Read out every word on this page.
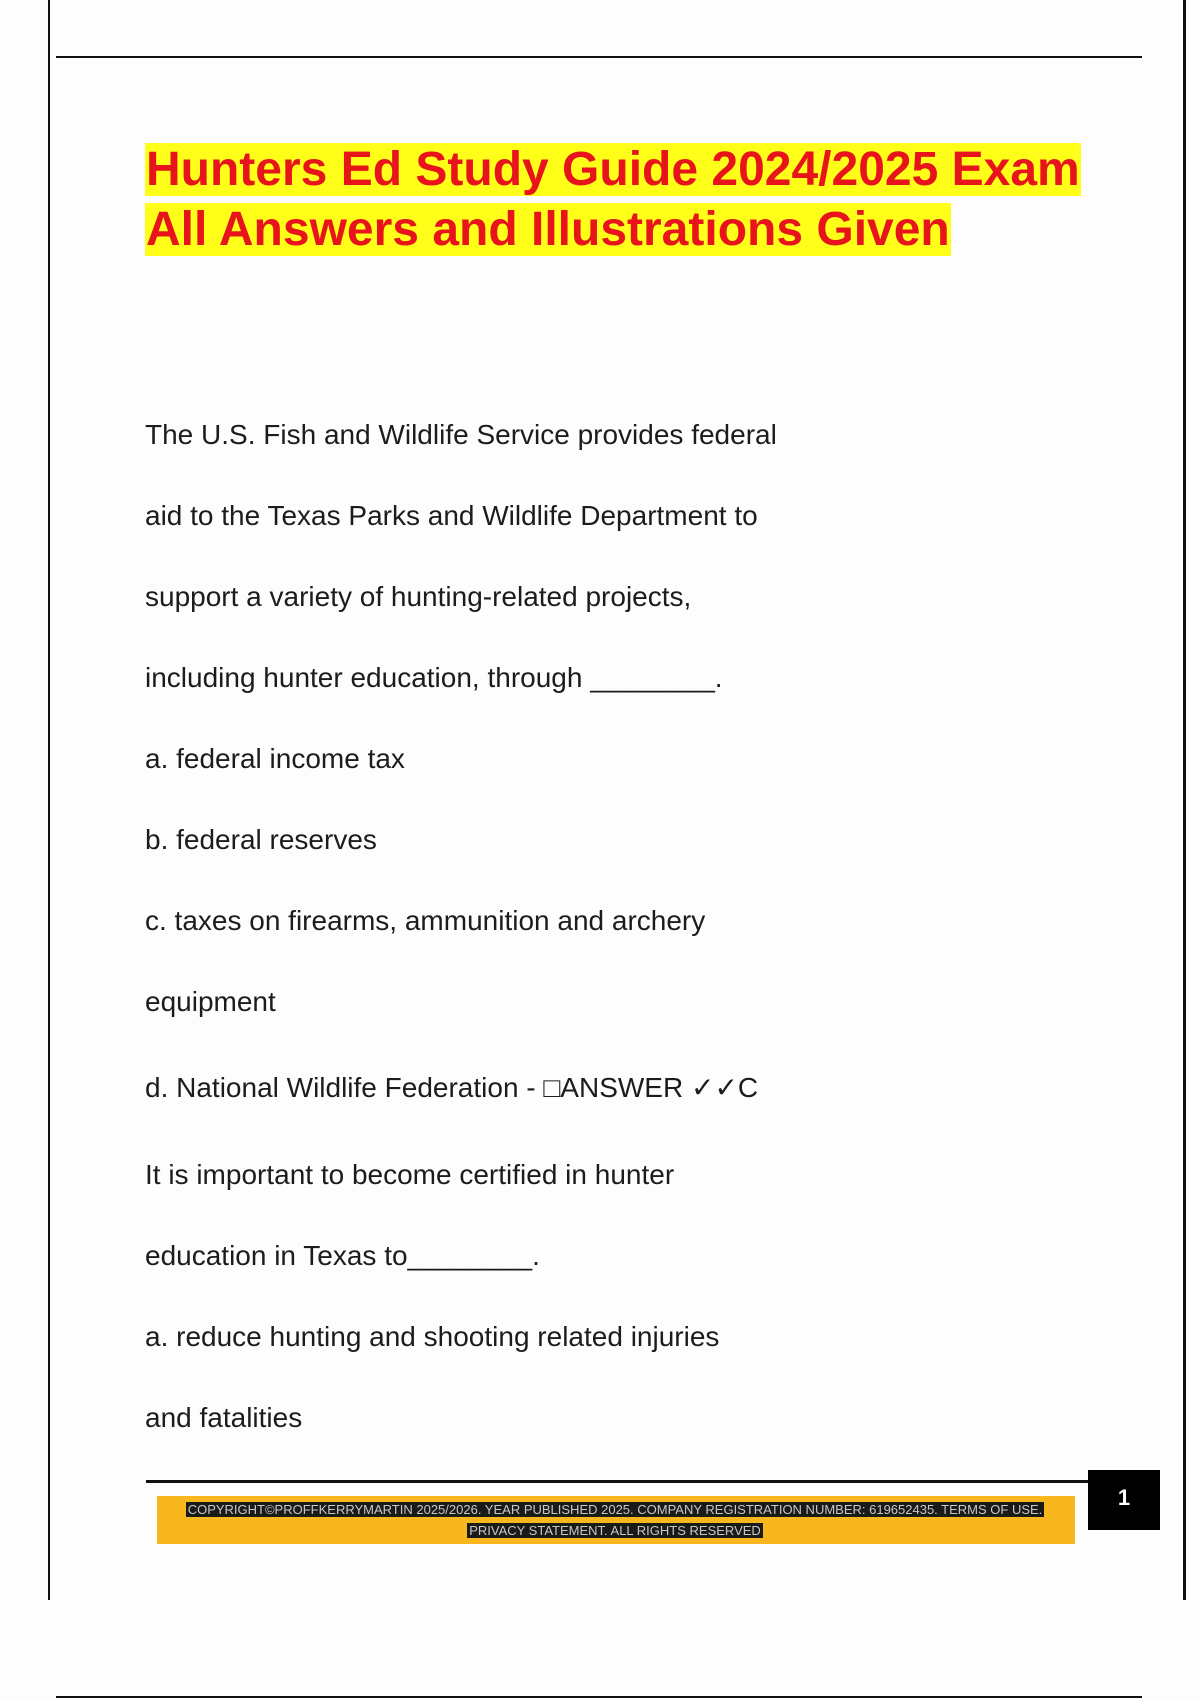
Hunters Ed Study Guide 2024/2025 Exam
All Answers and Illustrations Given
The U.S. Fish and Wildlife Service provides federal
aid to the Texas Parks and Wildlife Department to
support a variety of hunting-related projects,
including hunter education, through ________.
a. federal income tax
b. federal reserves
c. taxes on firearms, ammunition and archery
equipment
d. National Wildlife Federation - □ANSWER ✓✓C
It is important to become certified in hunter
education in Texas to________.
a. reduce hunting and shooting related injuries
and fatalities
1
COPYRIGHT©PROFFKERRYMARTIN 2025/2026. YEAR PUBLISHED 2025. COMPANY REGISTRATION NUMBER: 619652435. TERMS OF USE.
PRIVACY STATEMENT. ALL RIGHTS RESERVED
